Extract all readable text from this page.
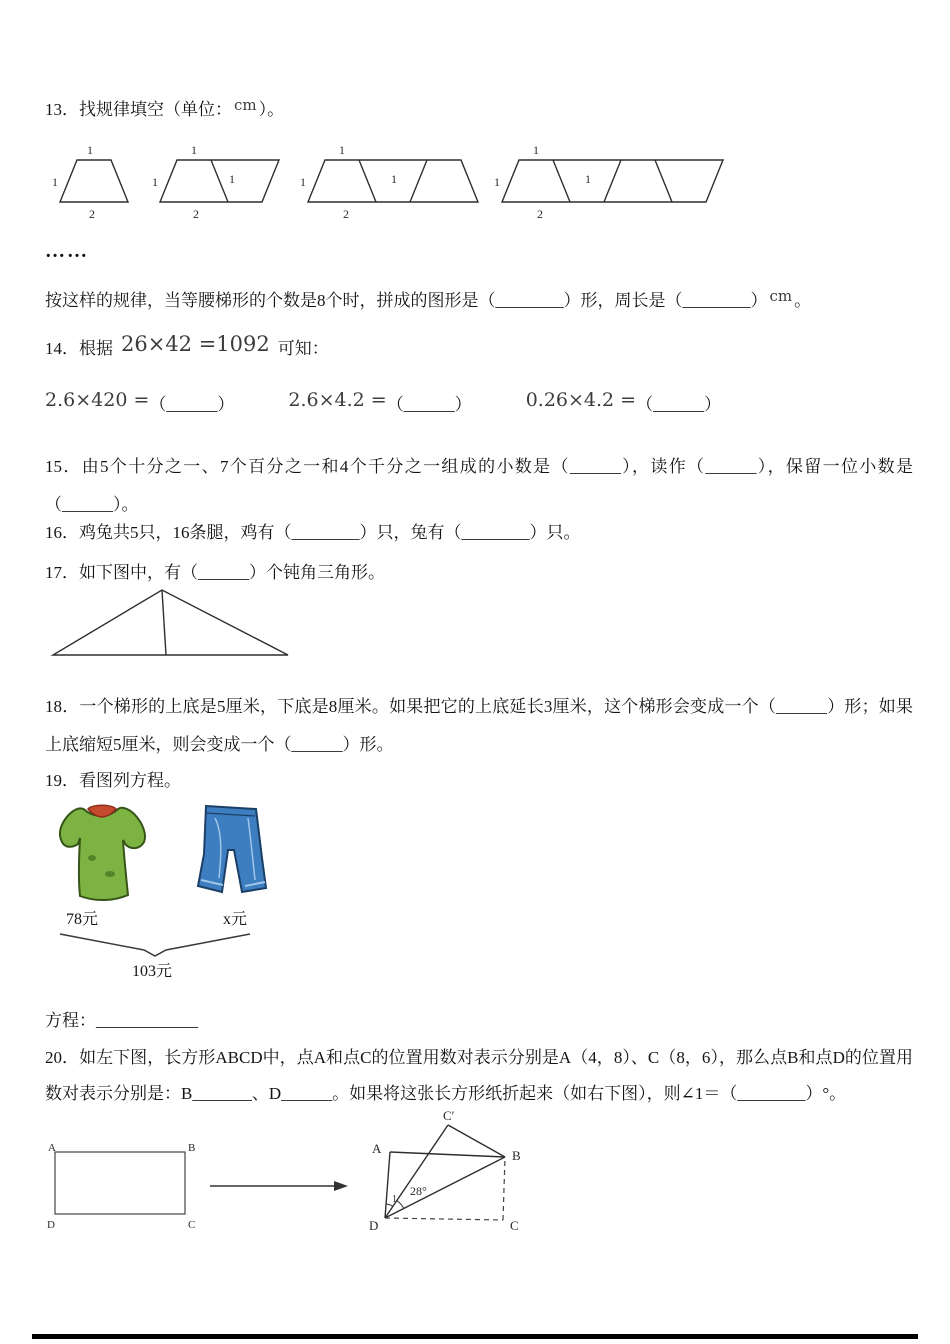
13．找规律填空（单位： cm ）。
1
1
2
1
1	1
2
1
1	1
2
1
1	1
2
……
按这样的规律，当等腰梯形的个数是8个时，拼成的图形是（________）形，周长是（________） cm 。
14．根据 26×42 =1092 可知：
2.6×420 =（______）	2.6×4.2 =（______）	0.26×4.2 =（______）
15．由5个十分之一、7个百分之一和4个千分之一组成的小数是（______），读作（______），保留一位小数是（______）。
16．鸡兔共5只，16条腿，鸡有（________）只，兔有（________）只。
17．如下图中，有（______）个钝角三角形。
18．一个梯形的上底是5厘米，下底是8厘米。如果把它的上底延长3厘米，这个梯形会变成一个（______）形；如果上底缩短5厘米，则会变成一个（______）形。
19．看图列方程。
78元	x元
103元
方程：____________
20．如左下图，长方形ABCD中，点A和点C的位置用数对表示分别是A（4，8）、C（8，6），那么点B和点D的位置用数对表示分别是：B_______、D______。如果将这张长方形纸折起来（如右下图），则∠1＝（________）°。
A	B
D	C
A	B
C′
D	C
1
28°
